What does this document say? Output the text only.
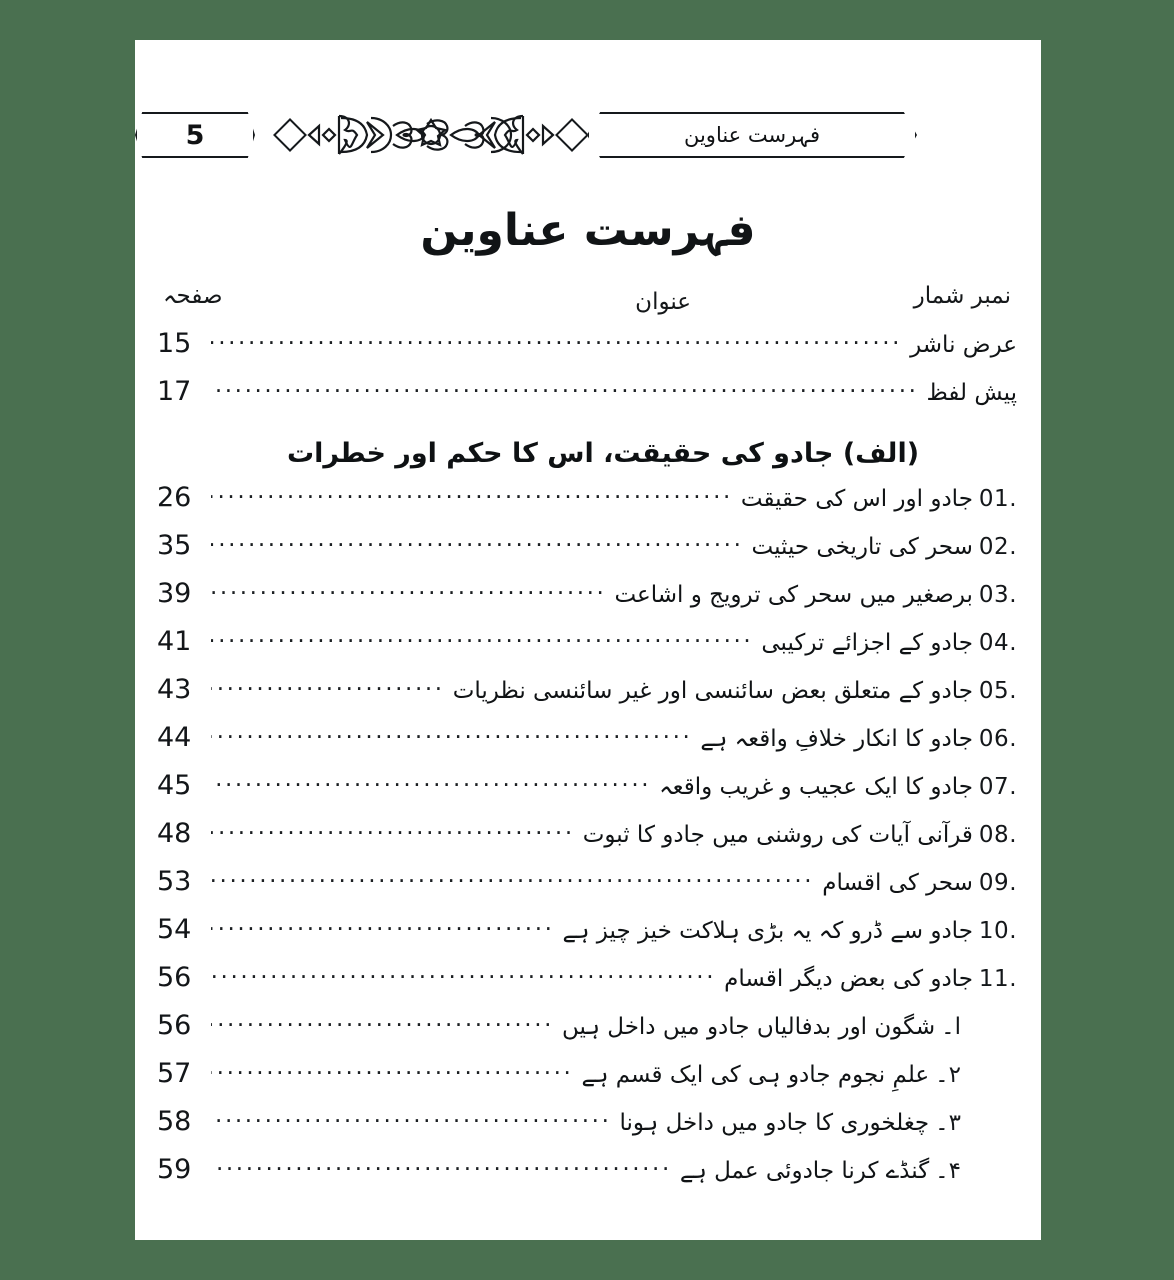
5	فہرست عناوین
فہرست عناوین
نمبر شمار
عنوان
صفحہ
عرض ناشر
.....
15
پیش لفظ
.....
17
(الف) جادو کی حقیقت، اس کا حکم اور خطرات
01.
جادو اور اس کی حقیقت
.....
26
02.
سحر کی تاریخی حیثیت
.....
35
03.
برصغیر میں سحر کی ترویج و اشاعت
.....
39
04.
جادو کے اجزائے ترکیبی
.....
41
05.
جادو کے متعلق بعض سائنسی اور غیر سائنسی نظریات
.....
43
06.
جادو کا انکار خلافِ واقعہ ہے
.....
44
07.
جادو کا ایک عجیب و غریب واقعہ
.....
45
08.
قرآنی آیات کی روشنی میں جادو کا ثبوت
.....
48
09.
سحر کی اقسام
.....
53
10.
جادو سے ڈرو کہ یہ بڑی ہلاکت خیز چیز ہے
.....
54
11.
جادو کی بعض دیگر اقسام
.....
56
ا۔
شگون اور بدفالیاں جادو میں داخل ہیں
.....
56
۲۔
علمِ نجوم جادو ہی کی ایک قسم ہے
.....
57
۳۔
چغلخوری کا جادو میں داخل ہونا
.....
58
۴۔
گنڈے کرنا جادوئی عمل ہے
.....
59
